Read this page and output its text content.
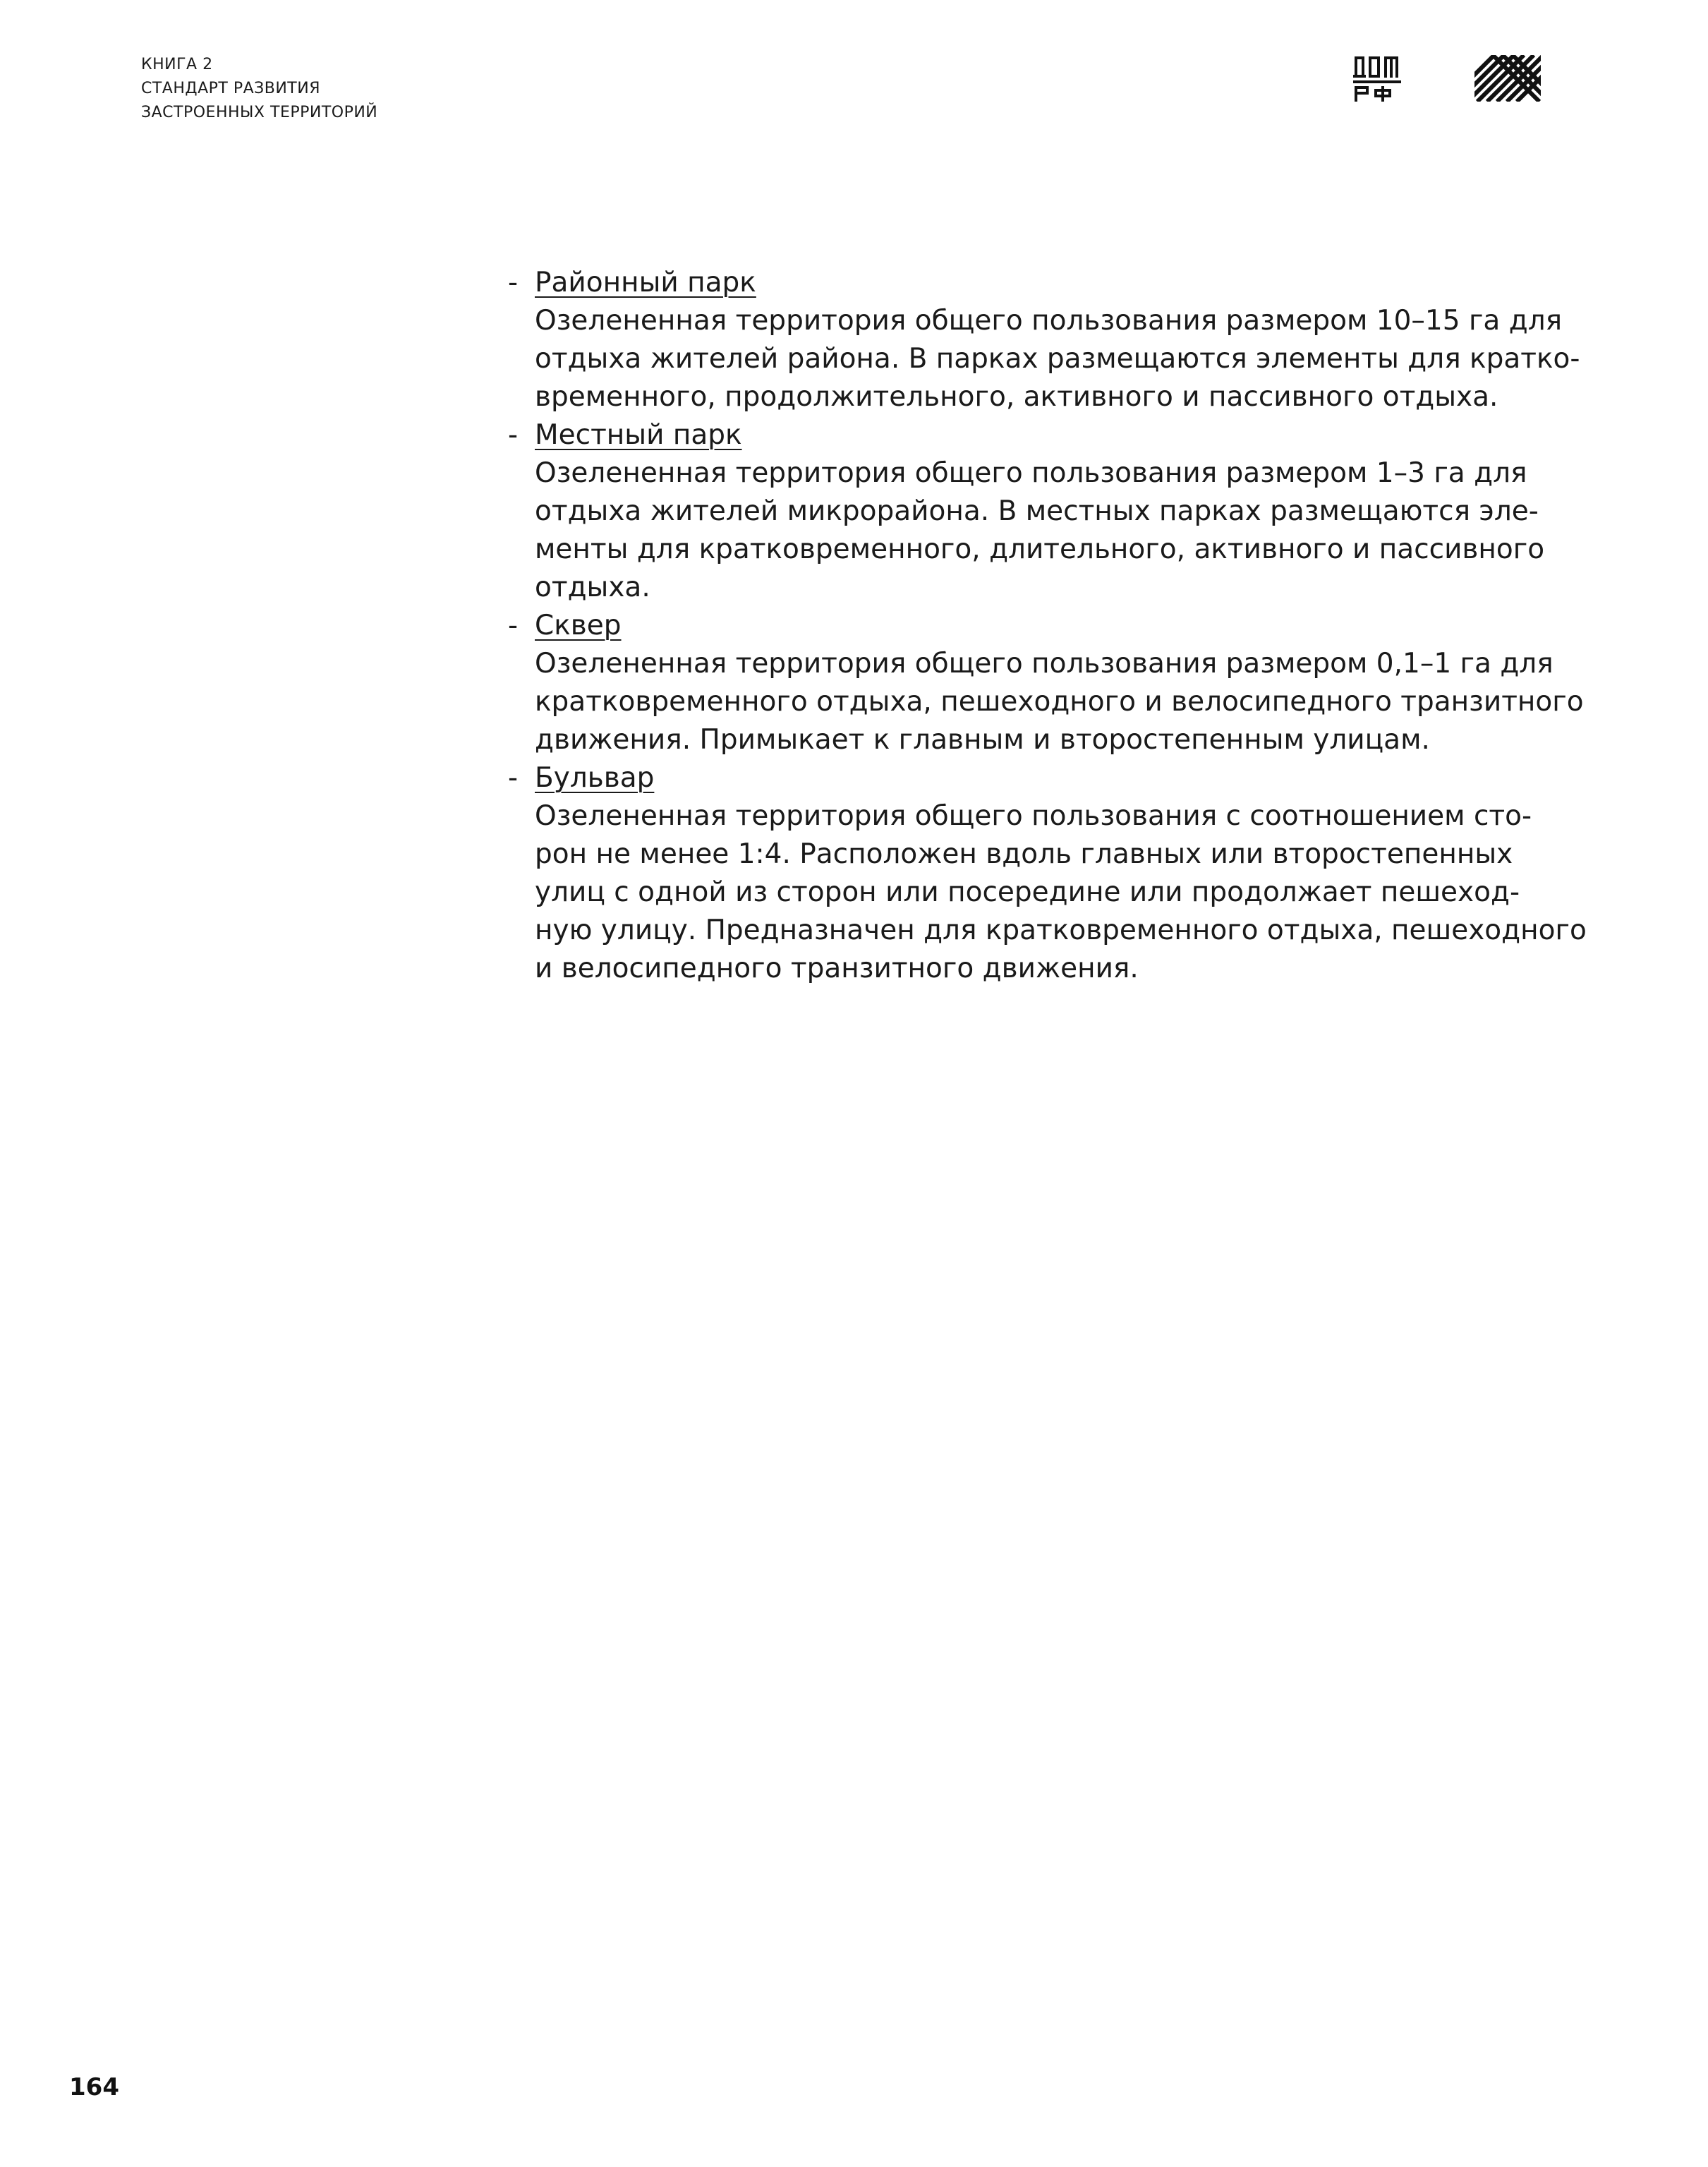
КНИГА 2
СТАНДАРТ РАЗВИТИЯ
ЗАСТРОЕННЫХ ТЕРРИТОРИЙ
- Районный парк
Озелененная территория общего пользования размером 10–15 га для
отдыха жителей района. В парках размещаются элементы для кратко-
временного, продолжительного, активного и пассивного отдыха.
- Местный парк
Озелененная территория общего пользования размером 1–3 га для
отдыха жителей микрорайона. В местных парках размещаются эле-
менты для кратковременного, длительного, активного и пассивного
отдыха.
- Сквер
Озелененная территория общего пользования размером 0,1–1 га для
кратковременного отдыха, пешеходного и велосипедного транзитного
движения. Примыкает к главным и второстепенным улицам.
- Бульвар
Озелененная территория общего пользования с соотношением сто-
рон не менее 1:4. Расположен вдоль главных или второстепенных
улиц с одной из сторон или посередине или продолжает пешеход-
ную улицу. Предназначен для кратковременного отдыха, пешеходного
и велосипедного транзитного движения.
164
